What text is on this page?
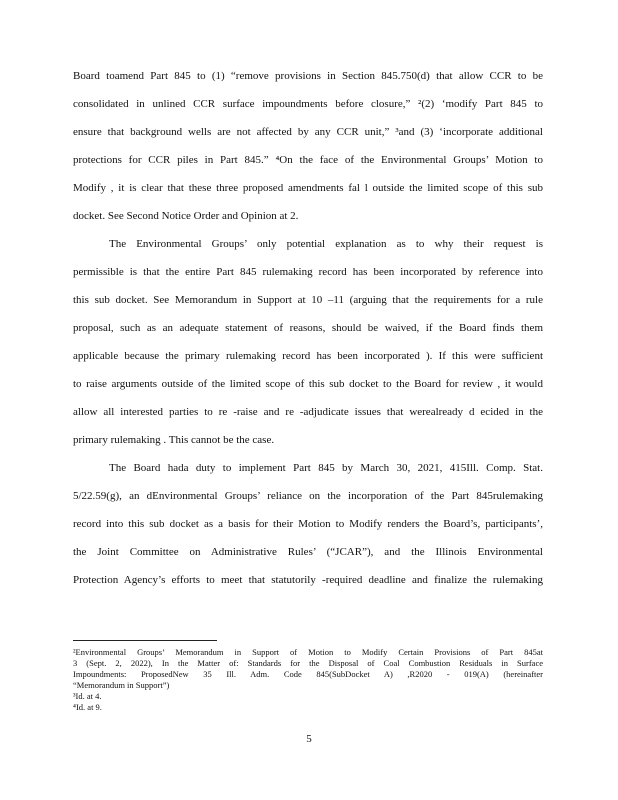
Board toamend Part 845 to (1) “remove provisions in Section 845.750(d) that allow CCR to be
consolidated in unlined CCR surface impoundments before closure,” ²(2) ‘modify Part 845 to
ensure that background wells are not affected by any CCR unit,” ³and (3) ‘incorporate additional
protections for CCR piles in Part 845.” ⁴On the face of the Environmental Groups’ Motion to
Modify , it is clear that these three proposed amendments fal l outside the limited scope of this sub
docket. See Second Notice Order and Opinion at 2.
The Environmental Groups’ only potential explanation as to why their request is
permissible is that the entire Part 845 rulemaking record has been incorporated by reference into
this sub docket. See Memorandum in Support at 10 –11 (arguing that the requirements for a rule
proposal, such as an adequate statement of reasons, should be waived, if the Board finds them
applicable because the primary rulemaking record has been incorporated ). If this were sufficient
to raise arguments outside of the limited scope of this sub docket to the Board for review , it would
allow all interested parties to re -raise and re -adjudicate issues that werealready d ecided in the
primary rulemaking . This cannot be the case.
The Board hada duty to implement Part 845 by March 30, 2021, 415Ill. Comp. Stat.
5/22.59(g), an dEnvironmental Groups’ reliance on the incorporation of the Part 845rulemaking
record into this sub docket as a basis for their Motion to Modify renders the Board’s, participants’,
the Joint Committee on Administrative Rules’ (“JCAR”), and the Illinois Environmental
Protection Agency’s efforts to meet that statutorily -required deadline and finalize the rulemaking
²Environmental Groups’ Memorandum in Support of Motion to Modify Certain Provisions of Part 845at
3 (Sept. 2, 2022), In the Matter of: Standards for the Disposal of Coal Combustion Residuals in Surface
Impoundments: ProposedNew 35 Ill. Adm. Code 845(SubDocket A) ,R2020 - 019(A) (hereinafter
“Memorandum in Support”)
³Id. at 4.
⁴Id. at 9.
5
